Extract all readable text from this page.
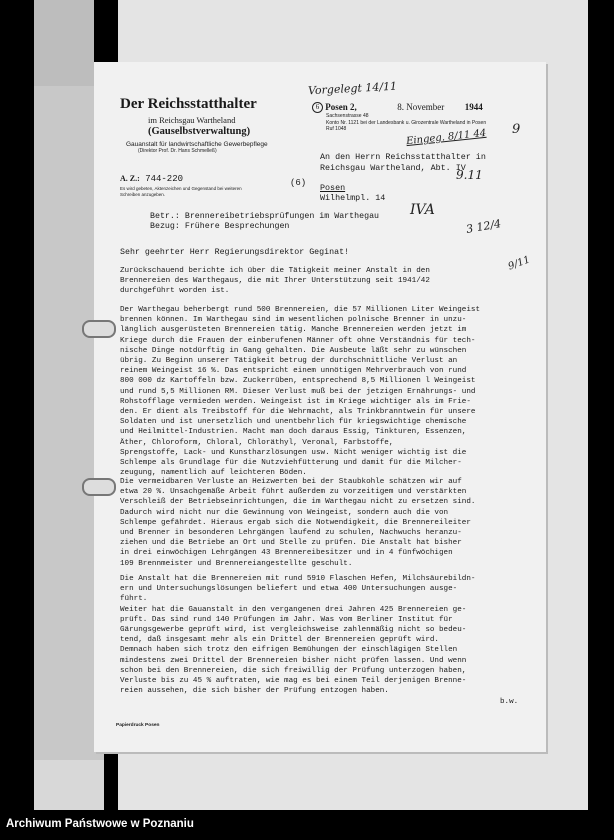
Der Reichsstatthalter
im Reichsgau Wartheland
(Gauselbstverwaltung)
Gauanstalt für landwirtschaftliche Gewerbepflege
(Direktor Prof. Dr. Hans Schmelleß)
A. Z.: 744-220
Es wird gebeten, Aktenzeichen und Gegenstand bei weiteren Schreiben anzugeben.
(6)
6 Posen 2,	8. November 1944
Sachsenstrasse 48
Konto Nr. 1121 bei der Landesbank u. Girozentrale Wartheland in Posen
Ruf 1048
An den Herrn Reichsstatthalter in
Reichsgau Wartheland, Abt. IV
Posen
Wilhelmpl. 14
Betr.: Brennereibetriebsprüfungen im Warthegau
Bezug: Frühere Besprechungen
Sehr geehrter Herr Regierungsdirektor Geginat!
Zurückschauend berichte ich über die Tätigkeit meiner Anstalt in den
Brennereien des Warthegaus, die mit Ihrer Unterstützung seit 1941/42
durchgeführt worden ist.
Der Warthegau beherbergt rund 500 Brennereien, die 57 Millionen Liter Weingeist
brennen können. Im Warthegau sind im wesentlichen polnische Brenner in unzu-
länglich ausgerüsteten Brennereien tätig. Manche Brennereien werden jetzt im
Kriege durch die Frauen der einberufenen Männer oft ohne Verständnis für tech-
nische Dinge notdürftig in Gang gehalten. Die Ausbeute läßt sehr zu wünschen
übrig. Zu Beginn unserer Tätigkeit betrug der durchschnittliche Verlust an
reinem Weingeist 16 %. Das entspricht einem unnötigen Mehrverbrauch von rund
800 000 dz Kartoffeln bzw. Zuckerrüben, entsprechend 8,5 Millionen l Weingeist
und rund 5,5 Millionen RM. Dieser Verlust muß bei der jetzigen Ernährungs- und
Rohstofflage vermieden werden. Weingeist ist im Kriege wichtiger als im Frie-
den. Er dient als Treibstoff für die Wehrmacht, als Trinkbranntwein für unsere
Soldaten und ist unersetzlich und unentbehrlich für kriegswichtige chemische
und Heilmittel-Industrien. Macht man doch daraus Essig, Tinkturen, Essenzen,
Äther, Chloroform, Chloral, Chloräthyl, Veronal, Farbstoffe,
Sprengstoffe, Lack- und Kunstharzlösungen usw. Nicht weniger wichtig ist die
Schlempe als Grundlage für die Nutzviehfütterung und damit für die Milcher-
zeugung, namentlich auf leichteren Böden.
Die vermeidbaren Verluste an Heizwerten bei der Staubkohle schätzen wir auf
etwa 20 %. Unsachgemäße Arbeit führt außerdem zu vorzeitigem und verstärkten
Verschleiß der Betriebseinrichtungen, die im Warthegau nicht zu ersetzen sind.
Dadurch wird nicht nur die Gewinnung von Weingeist, sondern auch die von
Schlempe gefährdet. Hieraus ergab sich die Notwendigkeit, die Brennereileiter
und Brenner in besonderen Lehrgängen laufend zu schulen, Nachwuchs heranzu-
ziehen und die Betriebe an Ort und Stelle zu prüfen. Die Anstalt hat bisher
in drei einwöchigen Lehrgängen 43 Brennereibesitzer und in 4 fünfwöchigen
109 Brennmeister und Brennereiangestellte geschult.
Die Anstalt hat die Brennereien mit rund 5910 Flaschen Hefen, Milchsäurebildn-
ern und Untersuchungslösungen beliefert und etwa 400 Untersuchungen ausge-
führt.
Weiter hat die Gauanstalt in den vergangenen drei Jahren 425 Brennereien ge-
prüft. Das sind rund 140 Prüfungen im Jahr. Was vom Berliner Institut für
Gärungsgewerbe geprüft wird, ist vergleichsweise zahlenmäßig nicht so bedeu-
tend, daß insgesamt mehr als ein Drittel der Brennereien geprüft wird.
Demnach haben sich trotz den eifrigen Bemühungen der einschlägigen Stellen
mindestens zwei Drittel der Brennereien bisher nicht prüfen lassen. Und wenn
schon bei den Brennereien, die sich freiwillig der Prüfung unterzogen haben,
Verluste bis zu 45 % auftraten, wie mag es bei einem Teil derjenigen Brenne-
reien aussehen, die sich bisher der Prüfung entzogen haben.
b.w.
Papierdruck Posen
Vorgelegt 14/11
Eingeg. 8/11 44 9
9.11
IVA
3 12/4
9/11
Archiwum Państwowe w Poznaniu
